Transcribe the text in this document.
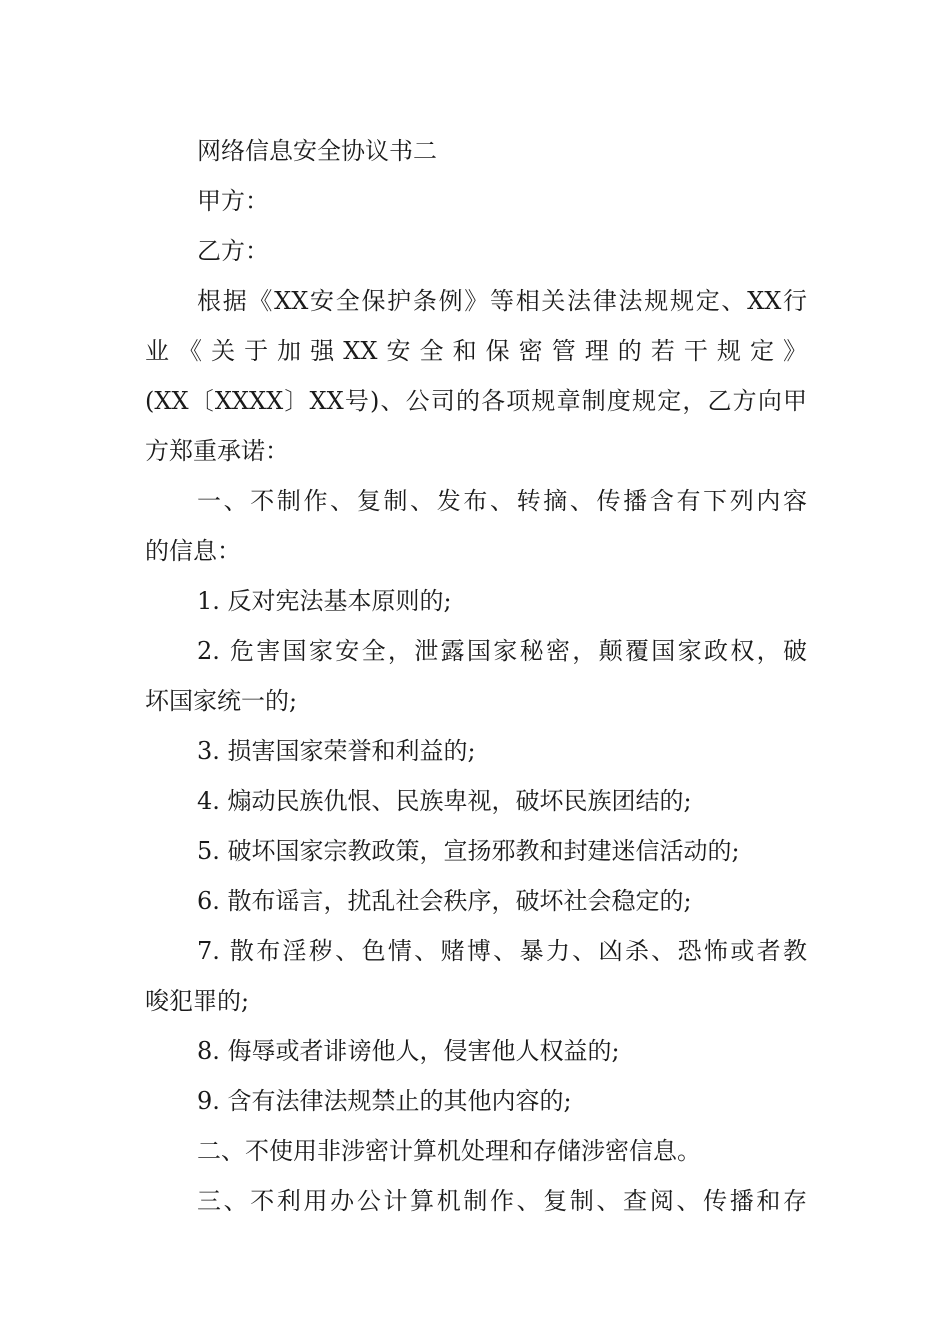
网络信息安全协议书二
甲方：
乙方：
根据《XX安全保护条例》等相关法律法规规定、XX行
业《关于加强XX安全和保密管理的若干规定》
(XX〔XXXX〕XX号)、公司的各项规章制度规定，乙方向甲
方郑重承诺：
一、不制作、复制、发布、转摘、传播含有下列内容
的信息：
1. 反对宪法基本原则的;
2. 危害国家安全，泄露国家秘密，颠覆国家政权，破
坏国家统一的;
3. 损害国家荣誉和利益的;
4. 煽动民族仇恨、民族卑视，破坏民族团结的;
5. 破坏国家宗教政策，宣扬邪教和封建迷信活动的;
6. 散布谣言，扰乱社会秩序，破坏社会稳定的;
7. 散布淫秽、色情、赌博、暴力、凶杀、恐怖或者教
唆犯罪的;
8. 侮辱或者诽谤他人，侵害他人权益的;
9. 含有法律法规禁止的其他内容的;
二、不使用非涉密计算机处理和存储涉密信息。
三、不利用办公计算机制作、复制、查阅、传播和存
